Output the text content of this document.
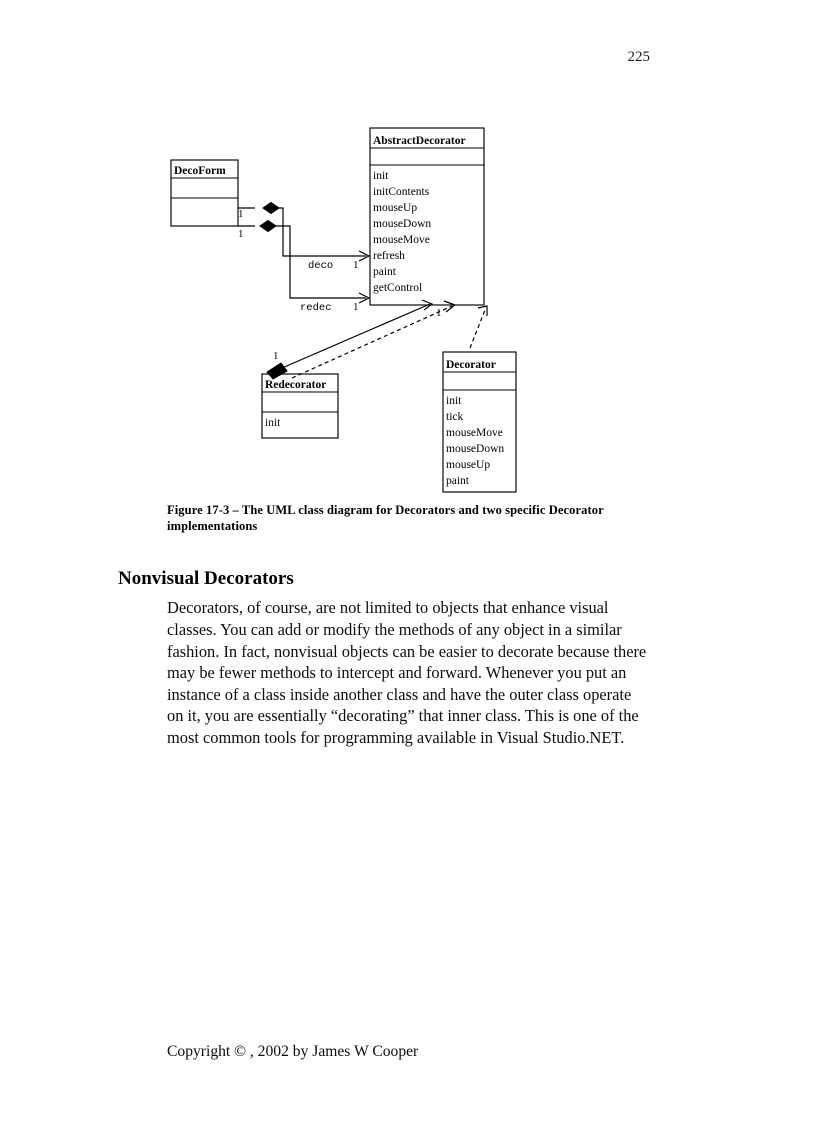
225
AbstractDecorator
init
initContents
mouseUp
mouseDown
mouseMove
refresh
paint
getControl
DecoForm
Redecorator
init
Decorator
init
tick
mouseMove
mouseDown
mouseUp
paint
deco
1
1
redec
1
1
1
1
Figure 17-3 – The UML class diagram for Decorators and two specific Decorator implementations
Nonvisual Decorators

Decorators, of course, are not limited to objects that enhance visual classes. You can add or modify the methods of any object in a similar fashion. In fact, nonvisual objects can be easier to decorate because there may be fewer methods to intercept and forward. Whenever you put an instance of a class inside another class and have the outer class operate on it, you are essentially “decorating” that inner class. This is one of the most common tools for programming available in Visual Studio.NET.

Copyright © , 2002 by James W Cooper
